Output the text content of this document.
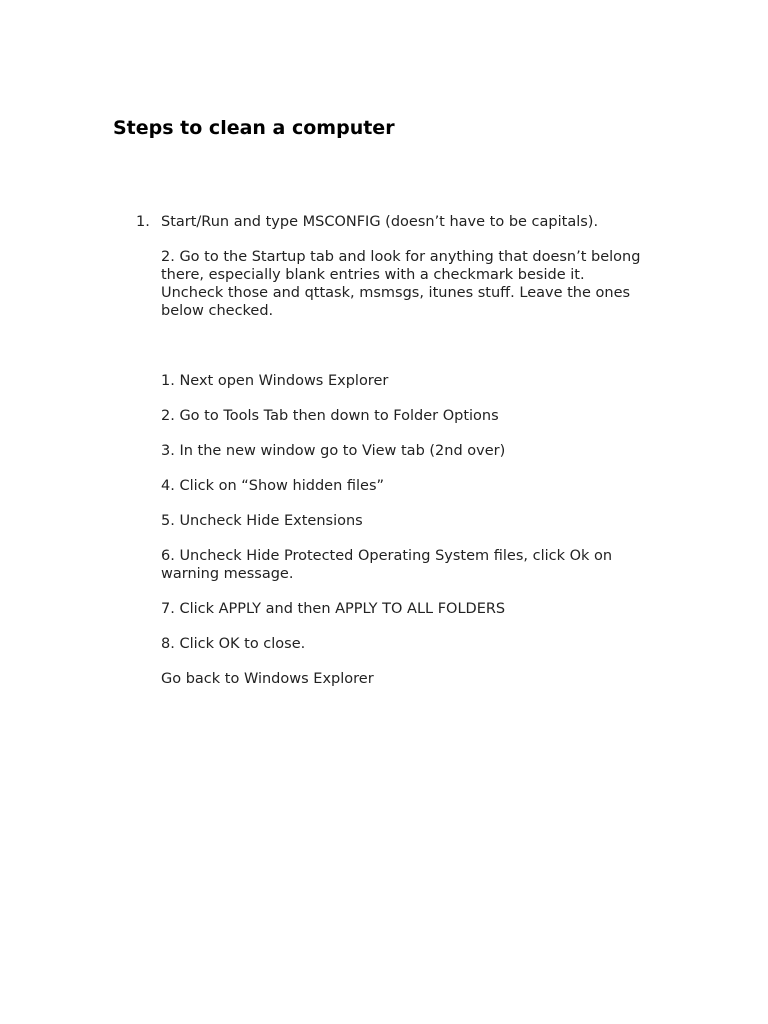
Steps to clean a computer
1. Start/Run and type MSCONFIG (doesn’t have to be capitals).

2. Go to the Startup tab and look for anything that doesn’t belong there, especially blank entries with a checkmark beside it. Uncheck those and qttask, msmsgs, itunes stuff. Leave the ones below checked.

1. Next open Windows Explorer

2. Go to Tools Tab then down to Folder Options

3. In the new window go to View tab (2nd over)

4. Click on “Show hidden files”

5. Uncheck Hide Extensions

6. Uncheck Hide Protected Operating System files, click Ok on warning message.

7. Click APPLY and then APPLY TO ALL FOLDERS

8. Click OK to close.

Go back to Windows Explorer
